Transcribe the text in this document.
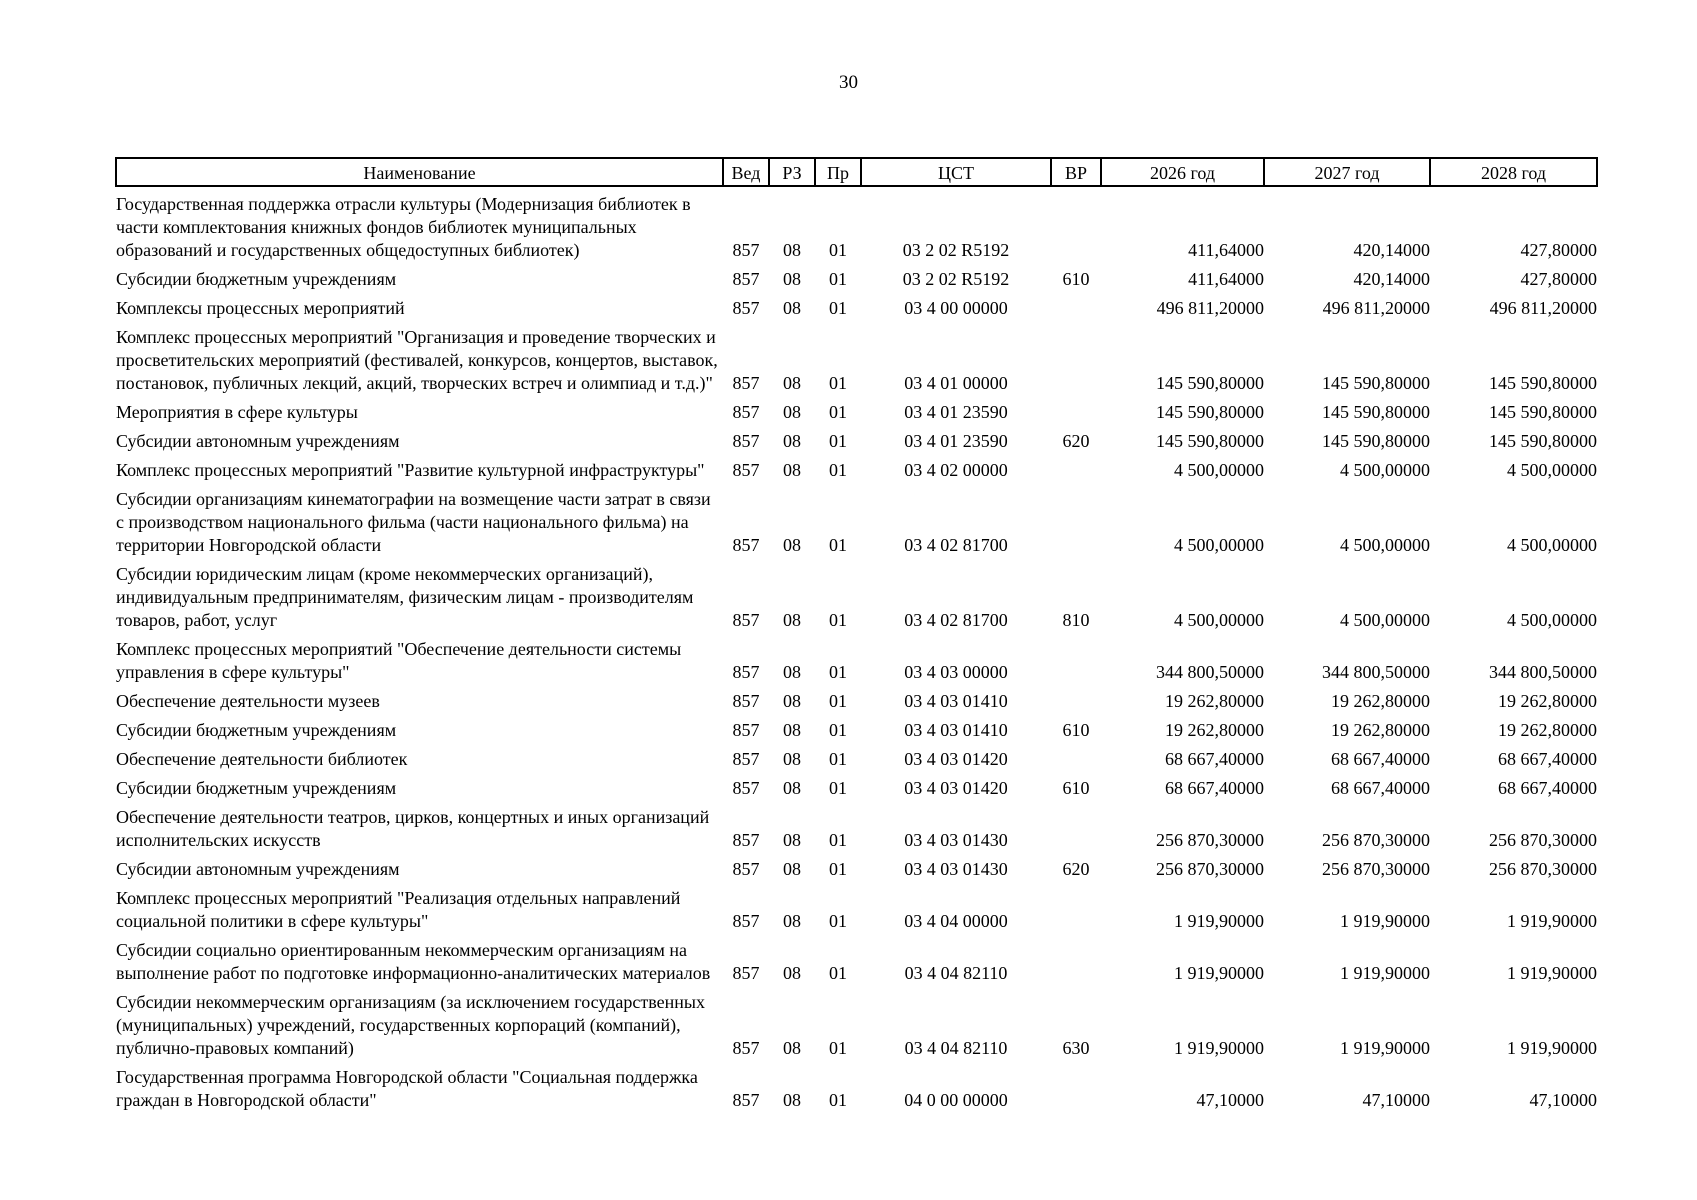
30
Наименование	Вед	РЗ	Пр	ЦСТ	ВР	2026 год	2027 год	2028 год
Государственная поддержка отрасли культуры (Модернизация библиотек в части комплектования книжных фондов библиотек муниципальных образований и государственных общедоступных библиотек)	857	08	01	03 2 02 R5192		411,64000	420,14000	427,80000
Субсидии бюджетным учреждениям	857	08	01	03 2 02 R5192	610	411,64000	420,14000	427,80000
Комплексы процессных мероприятий	857	08	01	03 4 00 00000		496 811,20000	496 811,20000	496 811,20000
Комплекс процессных мероприятий "Организация и проведение творческих и просветительских мероприятий (фестивалей, конкурсов, концертов, выставок, постановок, публичных лекций, акций, творческих встреч и олимпиад и т.д.)"	857	08	01	03 4 01 00000		145 590,80000	145 590,80000	145 590,80000
Мероприятия в сфере культуры	857	08	01	03 4 01 23590		145 590,80000	145 590,80000	145 590,80000
Субсидии автономным учреждениям	857	08	01	03 4 01 23590	620	145 590,80000	145 590,80000	145 590,80000
Комплекс процессных мероприятий "Развитие культурной инфраструктуры"	857	08	01	03 4 02 00000		4 500,00000	4 500,00000	4 500,00000
Субсидии организациям кинематографии на возмещение части затрат в связи с производством национального фильма (части национального фильма) на территории Новгородской области	857	08	01	03 4 02 81700		4 500,00000	4 500,00000	4 500,00000
Субсидии юридическим лицам (кроме некоммерческих организаций), индивидуальным предпринимателям, физическим лицам - производителям товаров, работ, услуг	857	08	01	03 4 02 81700	810	4 500,00000	4 500,00000	4 500,00000
Комплекс процессных мероприятий "Обеспечение деятельности системы управления в сфере культуры"	857	08	01	03 4 03 00000		344 800,50000	344 800,50000	344 800,50000
Обеспечение деятельности музеев	857	08	01	03 4 03 01410		19 262,80000	19 262,80000	19 262,80000
Субсидии бюджетным учреждениям	857	08	01	03 4 03 01410	610	19 262,80000	19 262,80000	19 262,80000
Обеспечение деятельности библиотек	857	08	01	03 4 03 01420		68 667,40000	68 667,40000	68 667,40000
Субсидии бюджетным учреждениям	857	08	01	03 4 03 01420	610	68 667,40000	68 667,40000	68 667,40000
Обеспечение деятельности театров, цирков, концертных и иных организаций исполнительских искусств	857	08	01	03 4 03 01430		256 870,30000	256 870,30000	256 870,30000
Субсидии автономным учреждениям	857	08	01	03 4 03 01430	620	256 870,30000	256 870,30000	256 870,30000
Комплекс процессных мероприятий "Реализация отдельных направлений социальной политики в сфере культуры"	857	08	01	03 4 04 00000		1 919,90000	1 919,90000	1 919,90000
Субсидии социально ориентированным некоммерческим организациям на выполнение работ по подготовке информационно-аналитических материалов	857	08	01	03 4 04 82110		1 919,90000	1 919,90000	1 919,90000
Субсидии некоммерческим организациям (за исключением государственных (муниципальных) учреждений, государственных корпораций (компаний), публично-правовых компаний)	857	08	01	03 4 04 82110	630	1 919,90000	1 919,90000	1 919,90000
Государственная программа Новгородской области "Социальная поддержка граждан в Новгородской области"	857	08	01	04 0 00 00000		47,10000	47,10000	47,10000
